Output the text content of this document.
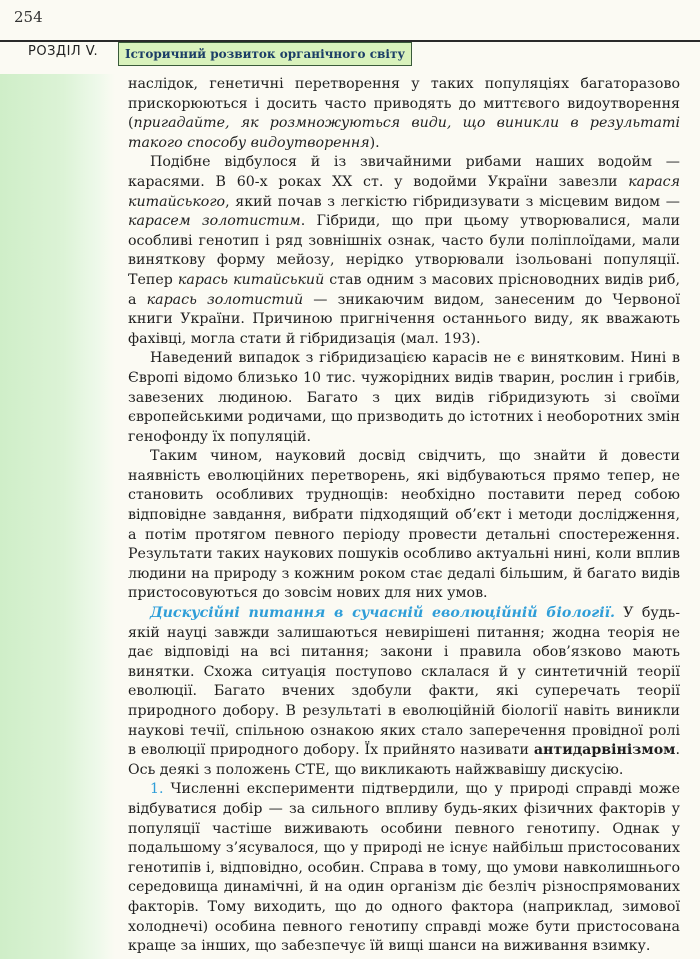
254
РОЗДІЛ V.	Історичний розвиток органічного світу

наслідок, генетичні перетворення у таких популяціях багаторазово прискорюються і досить часто приводять до миттєвого видоутворення (пригадайте, як розмножуються види, що виникли в результаті такого способу видоутворення).

Подібне відбулося й із звичайними рибами наших водойм — карасями. В 60-х роках XX ст. у водойми України завезли карася китайського, який почав з легкістю гібридизувати з місцевим видом — карасем золотистим. Гібриди, що при цьому утворювалися, мали особливі генотип і ряд зовнішніх ознак, часто були поліплоїдами, мали виняткову форму мейозу, нерідко утворювали ізольовані популяції. Тепер карась китайський став одним з масових прісноводних видів риб, а карась золотистий — зникаючим видом, занесеним до Червоної книги України. Причиною пригнічення останнього виду, як вважають фахівці, могла стати й гібридизація (мал. 193).

Наведений випадок з гібридизацією карасів не є винятковим. Нині в Європі відомо близько 10 тис. чужорідних видів тварин, рослин і грибів, завезених людиною. Багато з цих видів гібридизують зі своїми європейськими родичами, що призводить до істотних і необоротних змін генофонду їх популяцій.

Таким чином, науковий досвід свідчить, що знайти й довести наявність еволюційних перетворень, які відбуваються прямо тепер, не становить особливих труднощів: необхідно поставити перед собою відповідне завдання, вибрати підходящий об’єкт і методи дослідження, а потім протягом певного періоду провести детальні спостереження. Результати таких наукових пошуків особливо актуальні нині, коли вплив людини на природу з кожним роком стає дедалі більшим, й багато видів пристосовуються до зовсім нових для них умов.

Дискусійні питання в сучасній еволюційній біології. У будь-якій науці завжди залишаються невирішені питання; жодна теорія не дає відповіді на всі питання; закони і правила обов’язково мають винятки. Схожа ситуація поступово склалася й у синтетичній теорії еволюції. Багато вчених здобули факти, які суперечать теорії природного добору. В результаті в еволюційній біології навіть виникли наукові течії, спільною ознакою яких стало заперечення провідної ролі в еволюції природного добору. Їх прийнято називати антидарвінізмом. Ось деякі з положень СТЕ, що викликають найжвавішу дискусію.

1. Численні експерименти підтвердили, що у природі справді може відбуватися добір — за сильного впливу будь-яких фізичних факторів у популяції частіше виживають особини певного генотипу. Однак у подальшому з’ясувалося, що у природі не існує найбільш пристосованих генотипів і, відповідно, особин. Справа в тому, що умови навколишнього середовища динамічні, й на один організм діє безліч різноспрямованих факторів. Тому виходить, що до одного фактора (наприклад, зимової холоднечі) особина певного генотипу справді може бути пристосована краще за інших, що забезпечує їй вищі шанси на виживання взимку.
